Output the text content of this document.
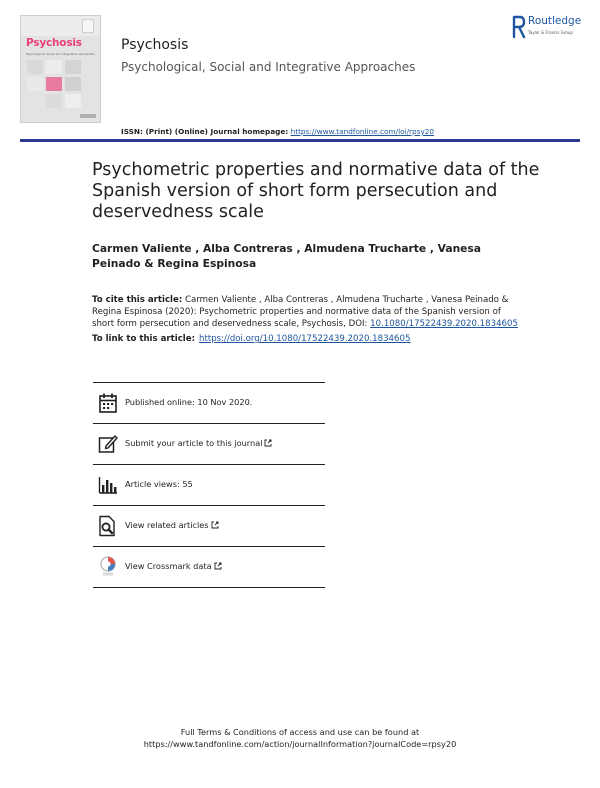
Psychosis
Psychological, Social and Integrative Approaches
Psychosis
Psychological, Social and Integrative Approaches
Routledge
Taylor & Francis Group
ISSN: (Print) (Online) Journal homepage: https://www.tandfonline.com/loi/rpsy20
Psychometric properties and normative data of the Spanish version of short form persecution and deservedness scale
Carmen Valiente , Alba Contreras , Almudena Trucharte , Vanesa Peinado & Regina Espinosa
To cite this article: Carmen Valiente , Alba Contreras , Almudena Trucharte , Vanesa Peinado & Regina Espinosa (2020): Psychometric properties and normative data of the Spanish version of short form persecution and deservedness scale, Psychosis, DOI: 10.1080/17522439.2020.1834605
To link to this article: https://doi.org/10.1080/17522439.2020.1834605
Published online: 10 Nov 2020.
Submit your article to this journal
Article views: 55
View related articles
View Crossmark data
Full Terms & Conditions of access and use can be found at
https://www.tandfonline.com/action/journalInformation?journalCode=rpsy20
